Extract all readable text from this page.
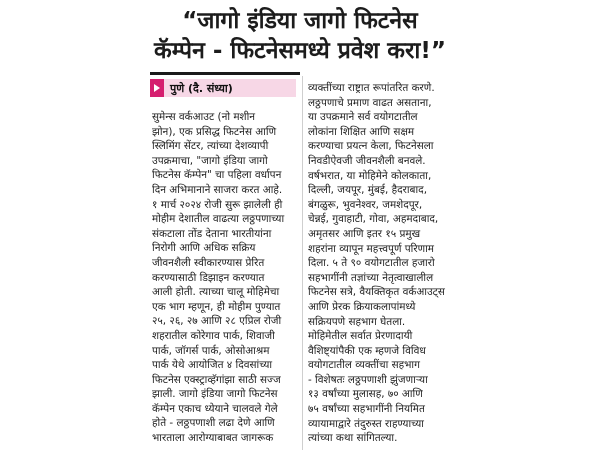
“जागो इंडिया जागो फिटनेस
कॅम्पेन - फिटनेसमध्ये प्रवेश करा!”
पुणे (दै. संध्या)
सुमेन्स वर्कआउट (नो मशीन
झोन), एक प्रसिद्ध फिटनेस आणि
स्लिमिंग सेंटर, त्यांच्या देशव्यापी
उपक्रमाचा, "जागो इंडिया जागो
फिटनेस कॅम्पेन" चा पहिला वर्धापन
दिन अभिमानाने साजरा करत आहे.
१ मार्च २०२४ रोजी सुरू झालेली ही
मोहीम देशातील वाढत्या लठ्ठपणाच्या
संकटाला तोंड देताना भारतीयांना
निरोगी आणि अधिक सक्रिय
जीवनशैली स्वीकारण्यास प्रेरित
करण्यासाठी डिझाइन करण्यात
आली होती. त्याच्या चालू मोहिमेचा
एक भाग म्हणून, ही मोहीम पुण्यात
२५, २६, २७ आणि २८ एप्रिल रोजी
शहरातील कोरेगाव पार्क, शिवाजी
पार्क, जॉगर्स पार्क, ओसोआश्रम
पार्क येथे आयोजित ४ दिवसांच्या
फिटनेस एक्स्ट्राव्हॅगांझा साठी सज्ज
झाली. जागो इंडिया जागो फिटनेस
कॅम्पेन एकाच ध्येयाने चालवले गेले
होते - लठ्ठपणाशी लढा देणे आणि
भारताला आरोग्याबाबत जागरूक
व्यक्तींच्या राष्ट्रात रूपांतरित करणे.
लठ्ठपणाचे प्रमाण वाढत असताना,
या उपक्रमाने सर्व वयोगटातील
लोकांना शिक्षित आणि सक्षम
करण्याचा प्रयत्न केला, फिटनेसला
निवडीऐवजी जीवनशैली बनवले.
वर्षभरात, या मोहिमेने कोलकाता,
दिल्ली, जयपूर, मुंबई, हैदराबाद,
बंगळुरू, भुवनेश्वर, जमशेदपूर,
चेन्नई, गुवाहाटी, गोवा, अहमदाबाद,
अमृतसर आणि इतर १५ प्रमुख
शहरांना व्यापून महत्त्वपूर्ण परिणाम
दिला. ५ ते ९० वयोगटातील हजारो
सहभागींनी तज्ञांच्या नेतृत्वाखालील
फिटनेस सत्रे, वैयक्तिकृत वर्कआउट्स
आणि प्रेरक क्रियाकलापांमध्ये
सक्रियपणे सहभाग घेतला.
मोहिमेतील सर्वात प्रेरणादायी
वैशिष्ट्यांपैकी एक म्हणजे विविध
वयोगटातील व्यक्तींचा सहभाग
- विशेषतः लठ्ठपणाशी झुंजणाऱ्या
१३ वर्षांच्या मुलासह, ७० आणि
७५ वर्षांच्या सहभागींनी नियमित
व्यायामाद्वारे तंदुरुस्त राहण्याच्या
त्यांच्या कथा सांगितल्या.
